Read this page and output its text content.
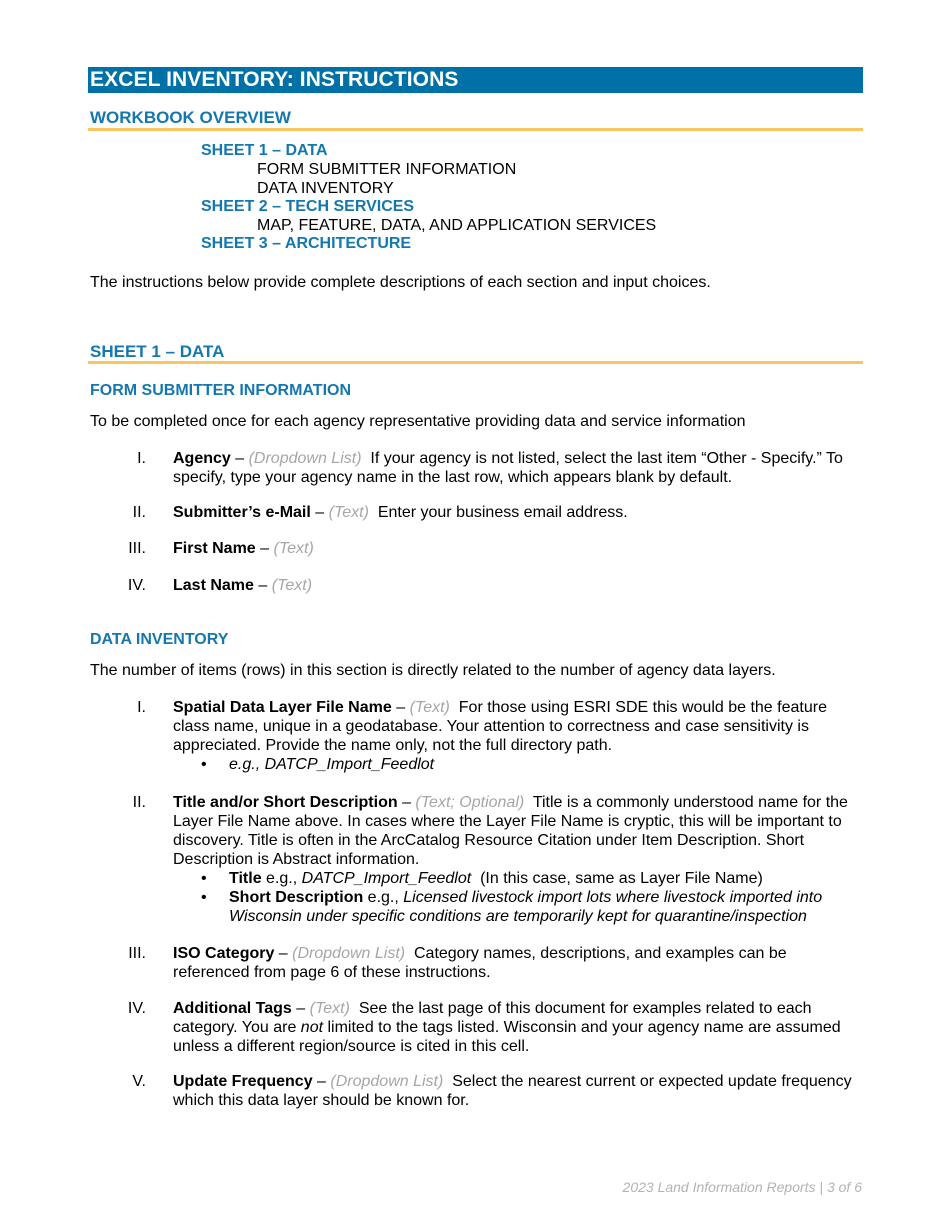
EXCEL INVENTORY: INSTRUCTIONS
WORKBOOK OVERVIEW
SHEET 1 – DATA
FORM SUBMITTER INFORMATION
DATA INVENTORY
SHEET 2 – TECH SERVICES
MAP, FEATURE, DATA, AND APPLICATION SERVICES
SHEET 3 – ARCHITECTURE
The instructions below provide complete descriptions of each section and input choices.
SHEET 1 – DATA
FORM SUBMITTER INFORMATION
To be completed once for each agency representative providing data and service information
I. Agency – (Dropdown List)  If your agency is not listed, select the last item “Other - Specify.” To specify, type your agency name in the last row, which appears blank by default.
II. Submitter’s e-Mail – (Text)  Enter your business email address.
III. First Name – (Text)
IV. Last Name – (Text)
DATA INVENTORY
The number of items (rows) in this section is directly related to the number of agency data layers.
I. Spatial Data Layer File Name – (Text)  For those using ESRI SDE this would be the feature class name, unique in a geodatabase. Your attention to correctness and case sensitivity is appreciated. Provide the name only, not the full directory path.

• e.g., DATCP_Import_Feedlot

II. Title and/or Short Description – (Text; Optional)  Title is a commonly understood name for the Layer File Name above. In cases where the Layer File Name is cryptic, this will be important to discovery. Title is often in the ArcCatalog Resource Citation under Item Description. Short Description is Abstract information.

• Title e.g., DATCP_Import_Feedlot  (In this case, same as Layer File Name)

• Short Description e.g., Licensed livestock import lots where livestock imported into Wisconsin under specific conditions are temporarily kept for quarantine/inspection

III. ISO Category – (Dropdown List)  Category names, descriptions, and examples can be referenced from page 6 of these instructions.
IV. Additional Tags – (Text)  See the last page of this document for examples related to each category. You are not limited to the tags listed. Wisconsin and your agency name are assumed unless a different region/source is cited in this cell.
V. Update Frequency – (Dropdown List)  Select the nearest current or expected update frequency which this data layer should be known for.
2023 Land Information Reports | 3 of 6
